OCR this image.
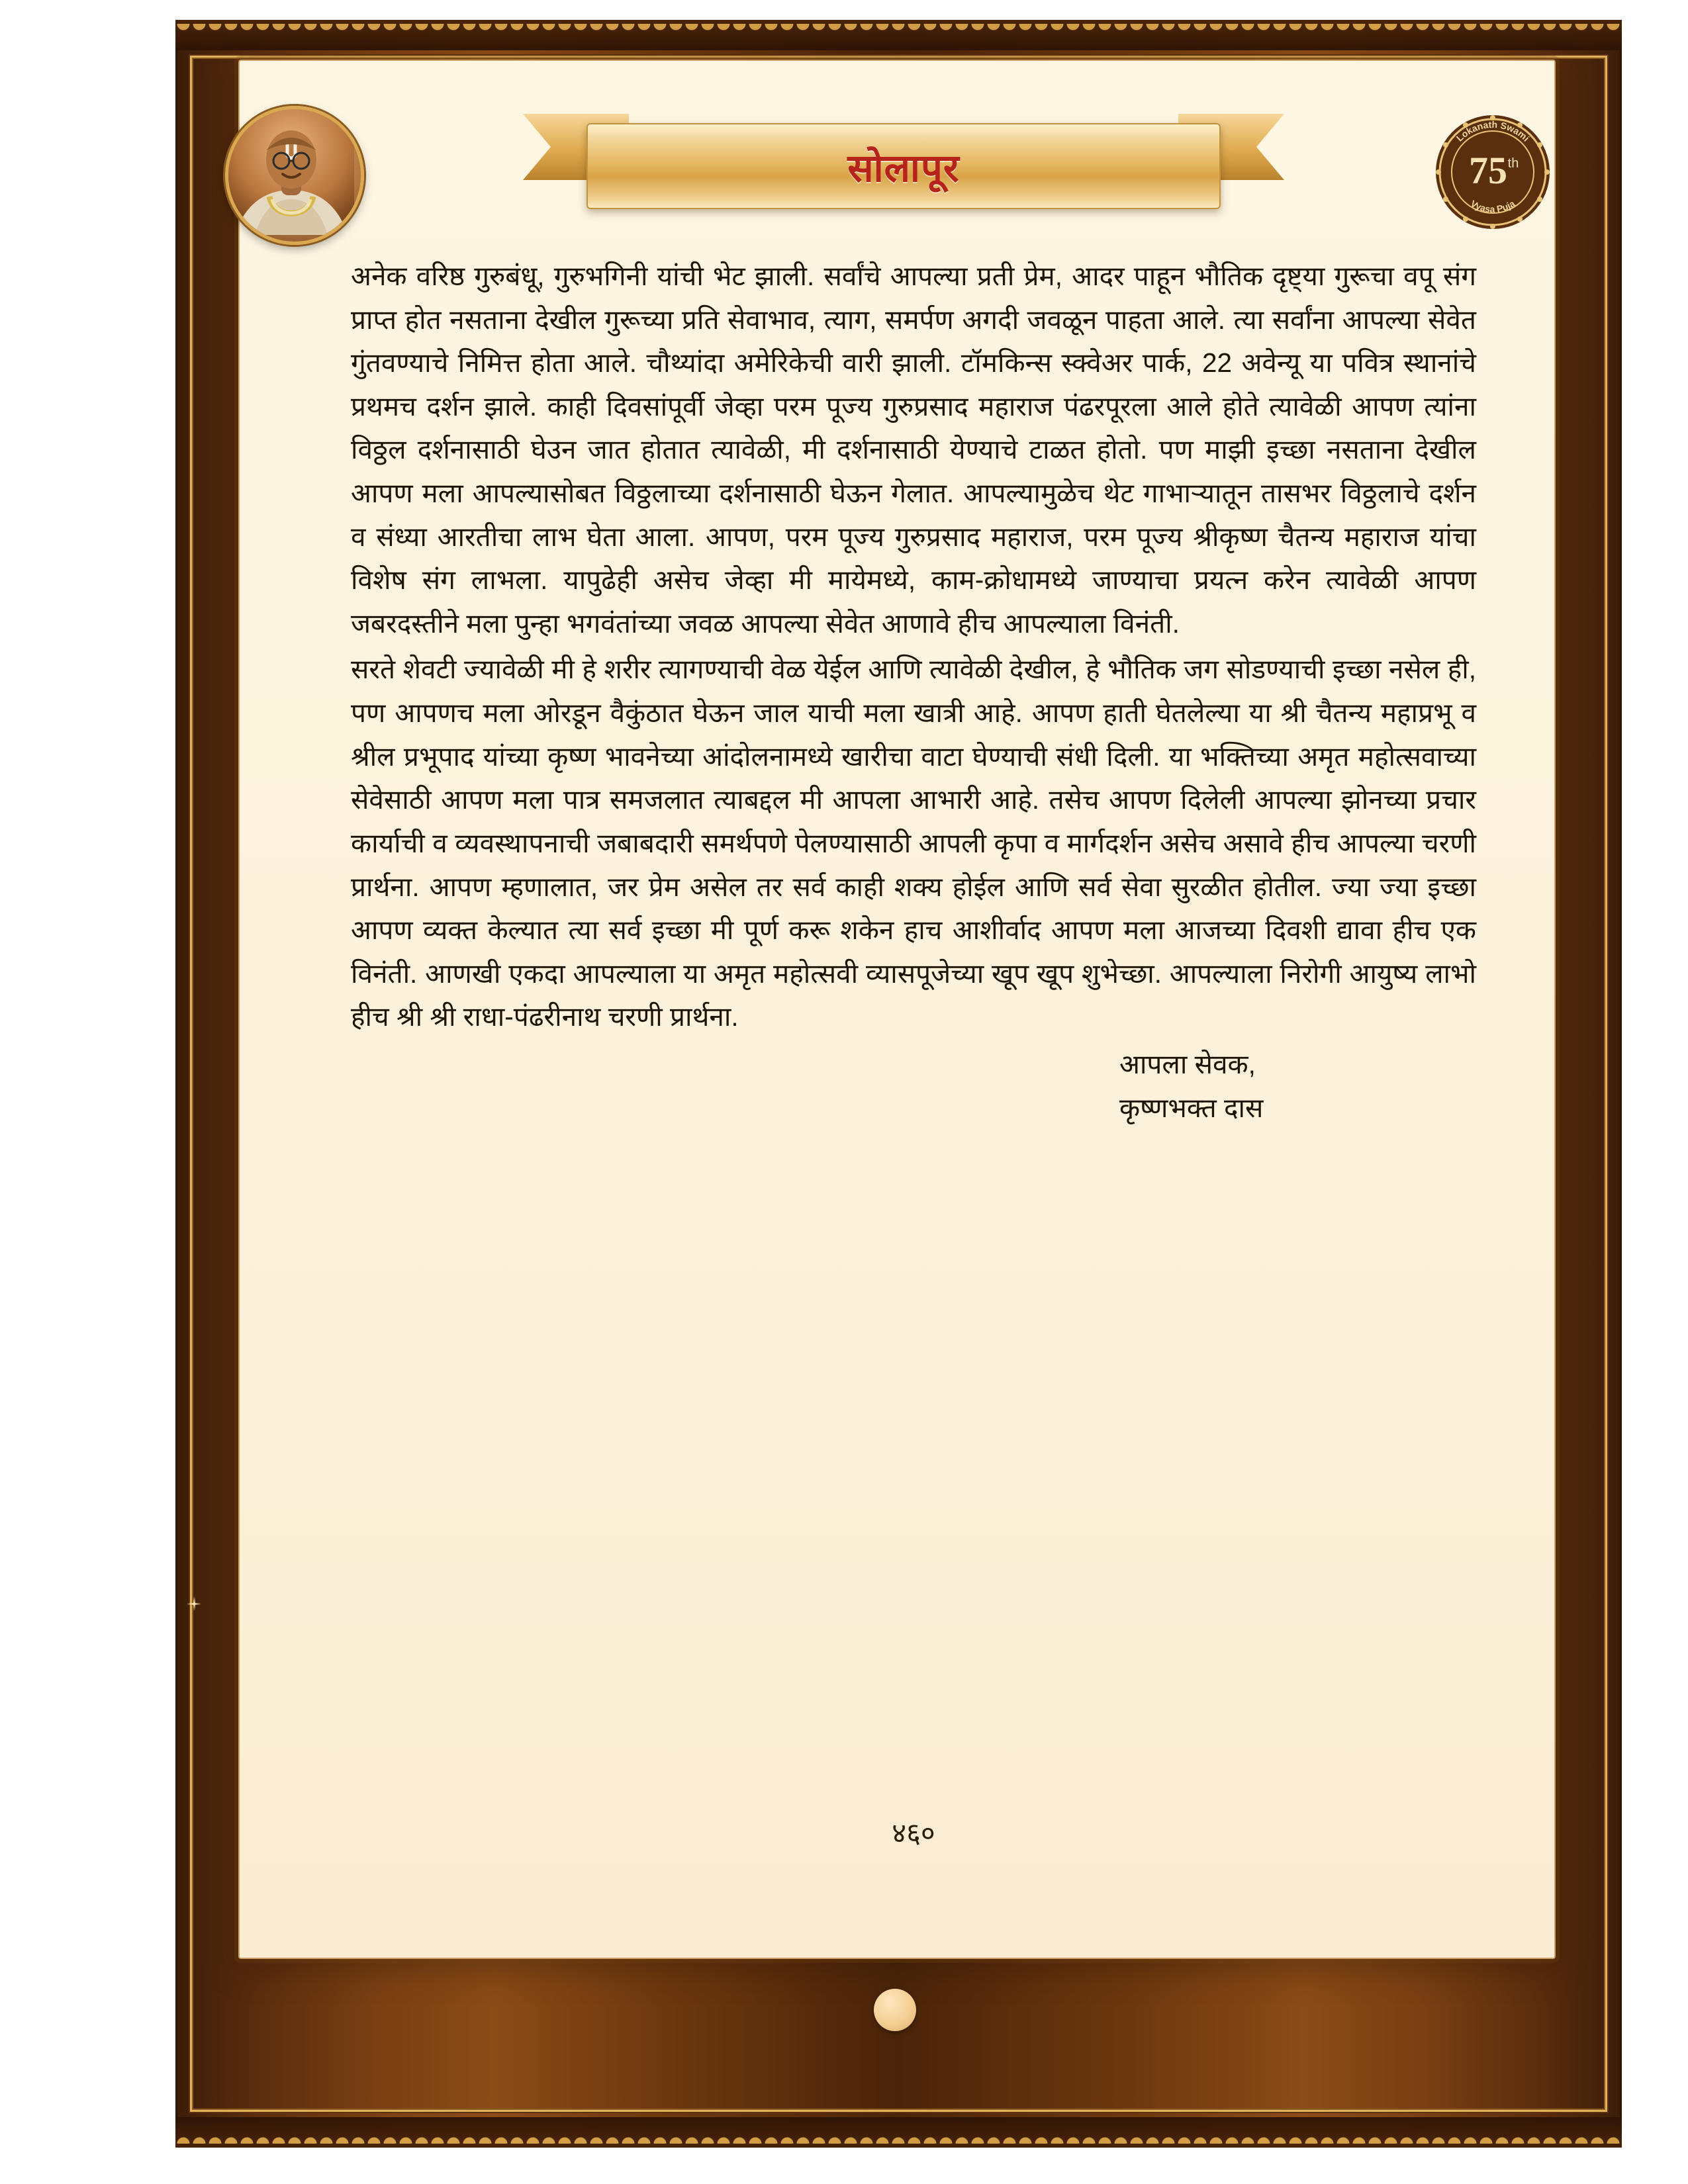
सोलापूर
Lokanath Swami
Vyasa Puja
75 th

अनेक वरिष्ठ गुरुबंधू, गुरुभगिनी यांची भेट झाली. सर्वांचे आपल्या प्रती प्रेम, आदर पाहून भौतिक दृष्ट्या गुरूचा वपू संग प्राप्त होत नसताना देखील गुरूच्या प्रति सेवाभाव, त्याग, समर्पण अगदी जवळून पाहता आले. त्या सर्वांना आपल्या सेवेत गुंतवण्याचे निमित्त होता आले. चौथ्यांदा अमेरिकेची वारी झाली. टॉमकिन्स स्क्वेअर पार्क, 22 अवेन्यू या पवित्र स्थानांचे प्रथमच दर्शन झाले. काही दिवसांपूर्वी जेव्हा परम पूज्य गुरुप्रसाद महाराज पंढरपूरला आले होते त्यावेळी आपण त्यांना विठ्ठल दर्शनासाठी घेउन जात होतात त्यावेळी, मी दर्शनासाठी येण्याचे टाळत होतो. पण माझी इच्छा नसताना देखील आपण मला आपल्यासोबत विठ्ठलाच्या दर्शनासाठी घेऊन गेलात. आपल्यामुळेच थेट गाभाऱ्यातून तासभर विठ्ठलाचे दर्शन व संध्या आरतीचा लाभ घेता आला. आपण, परम पूज्य गुरुप्रसाद महाराज, परम पूज्य श्रीकृष्ण चैतन्य महाराज यांचा विशेष संग लाभला. यापुढेही असेच जेव्हा मी मायेमध्ये, काम-क्रोधामध्ये जाण्याचा प्रयत्न करेन त्यावेळी आपण जबरदस्तीने मला पुन्हा भगवंतांच्या जवळ आपल्या सेवेत आणावे हीच आपल्याला विनंती.

सरते शेवटी ज्यावेळी मी हे शरीर त्यागण्याची वेळ येईल आणि त्यावेळी देखील, हे भौतिक जग सोडण्याची इच्छा नसेल ही, पण आपणच मला ओरडून वैकुंठात घेऊन जाल याची मला खात्री आहे. आपण हाती घेतलेल्या या श्री चैतन्य महाप्रभू व श्रील प्रभूपाद यांच्या कृष्ण भावनेच्या आंदोलनामध्ये खारीचा वाटा घेण्याची संधी दिली. या भक्तिच्या अमृत महोत्सवाच्या सेवेसाठी आपण मला पात्र समजलात त्याबद्दल मी आपला आभारी आहे. तसेच आपण दिलेली आपल्या झोनच्या प्रचार कार्याची व व्यवस्थापनाची जबाबदारी समर्थपणे पेलण्यासाठी आपली कृपा व मार्गदर्शन असेच असावे हीच आपल्या चरणी प्रार्थना. आपण म्हणालात, जर प्रेम असेल तर सर्व काही शक्य होईल आणि सर्व सेवा सुरळीत होतील. ज्या ज्या इच्छा आपण व्यक्त केल्यात त्या सर्व इच्छा मी पूर्ण करू शकेन हाच आशीर्वाद आपण मला आजच्या दिवशी द्यावा हीच एक विनंती. आणखी एकदा आपल्याला या अमृत महोत्सवी व्यासपूजेच्या खूप खूप शुभेच्छा. आपल्याला निरोगी आयुष्य लाभो हीच श्री श्री राधा-पंढरीनाथ चरणी प्रार्थना.

आपला सेवक,
कृष्णभक्त दास
४६०
